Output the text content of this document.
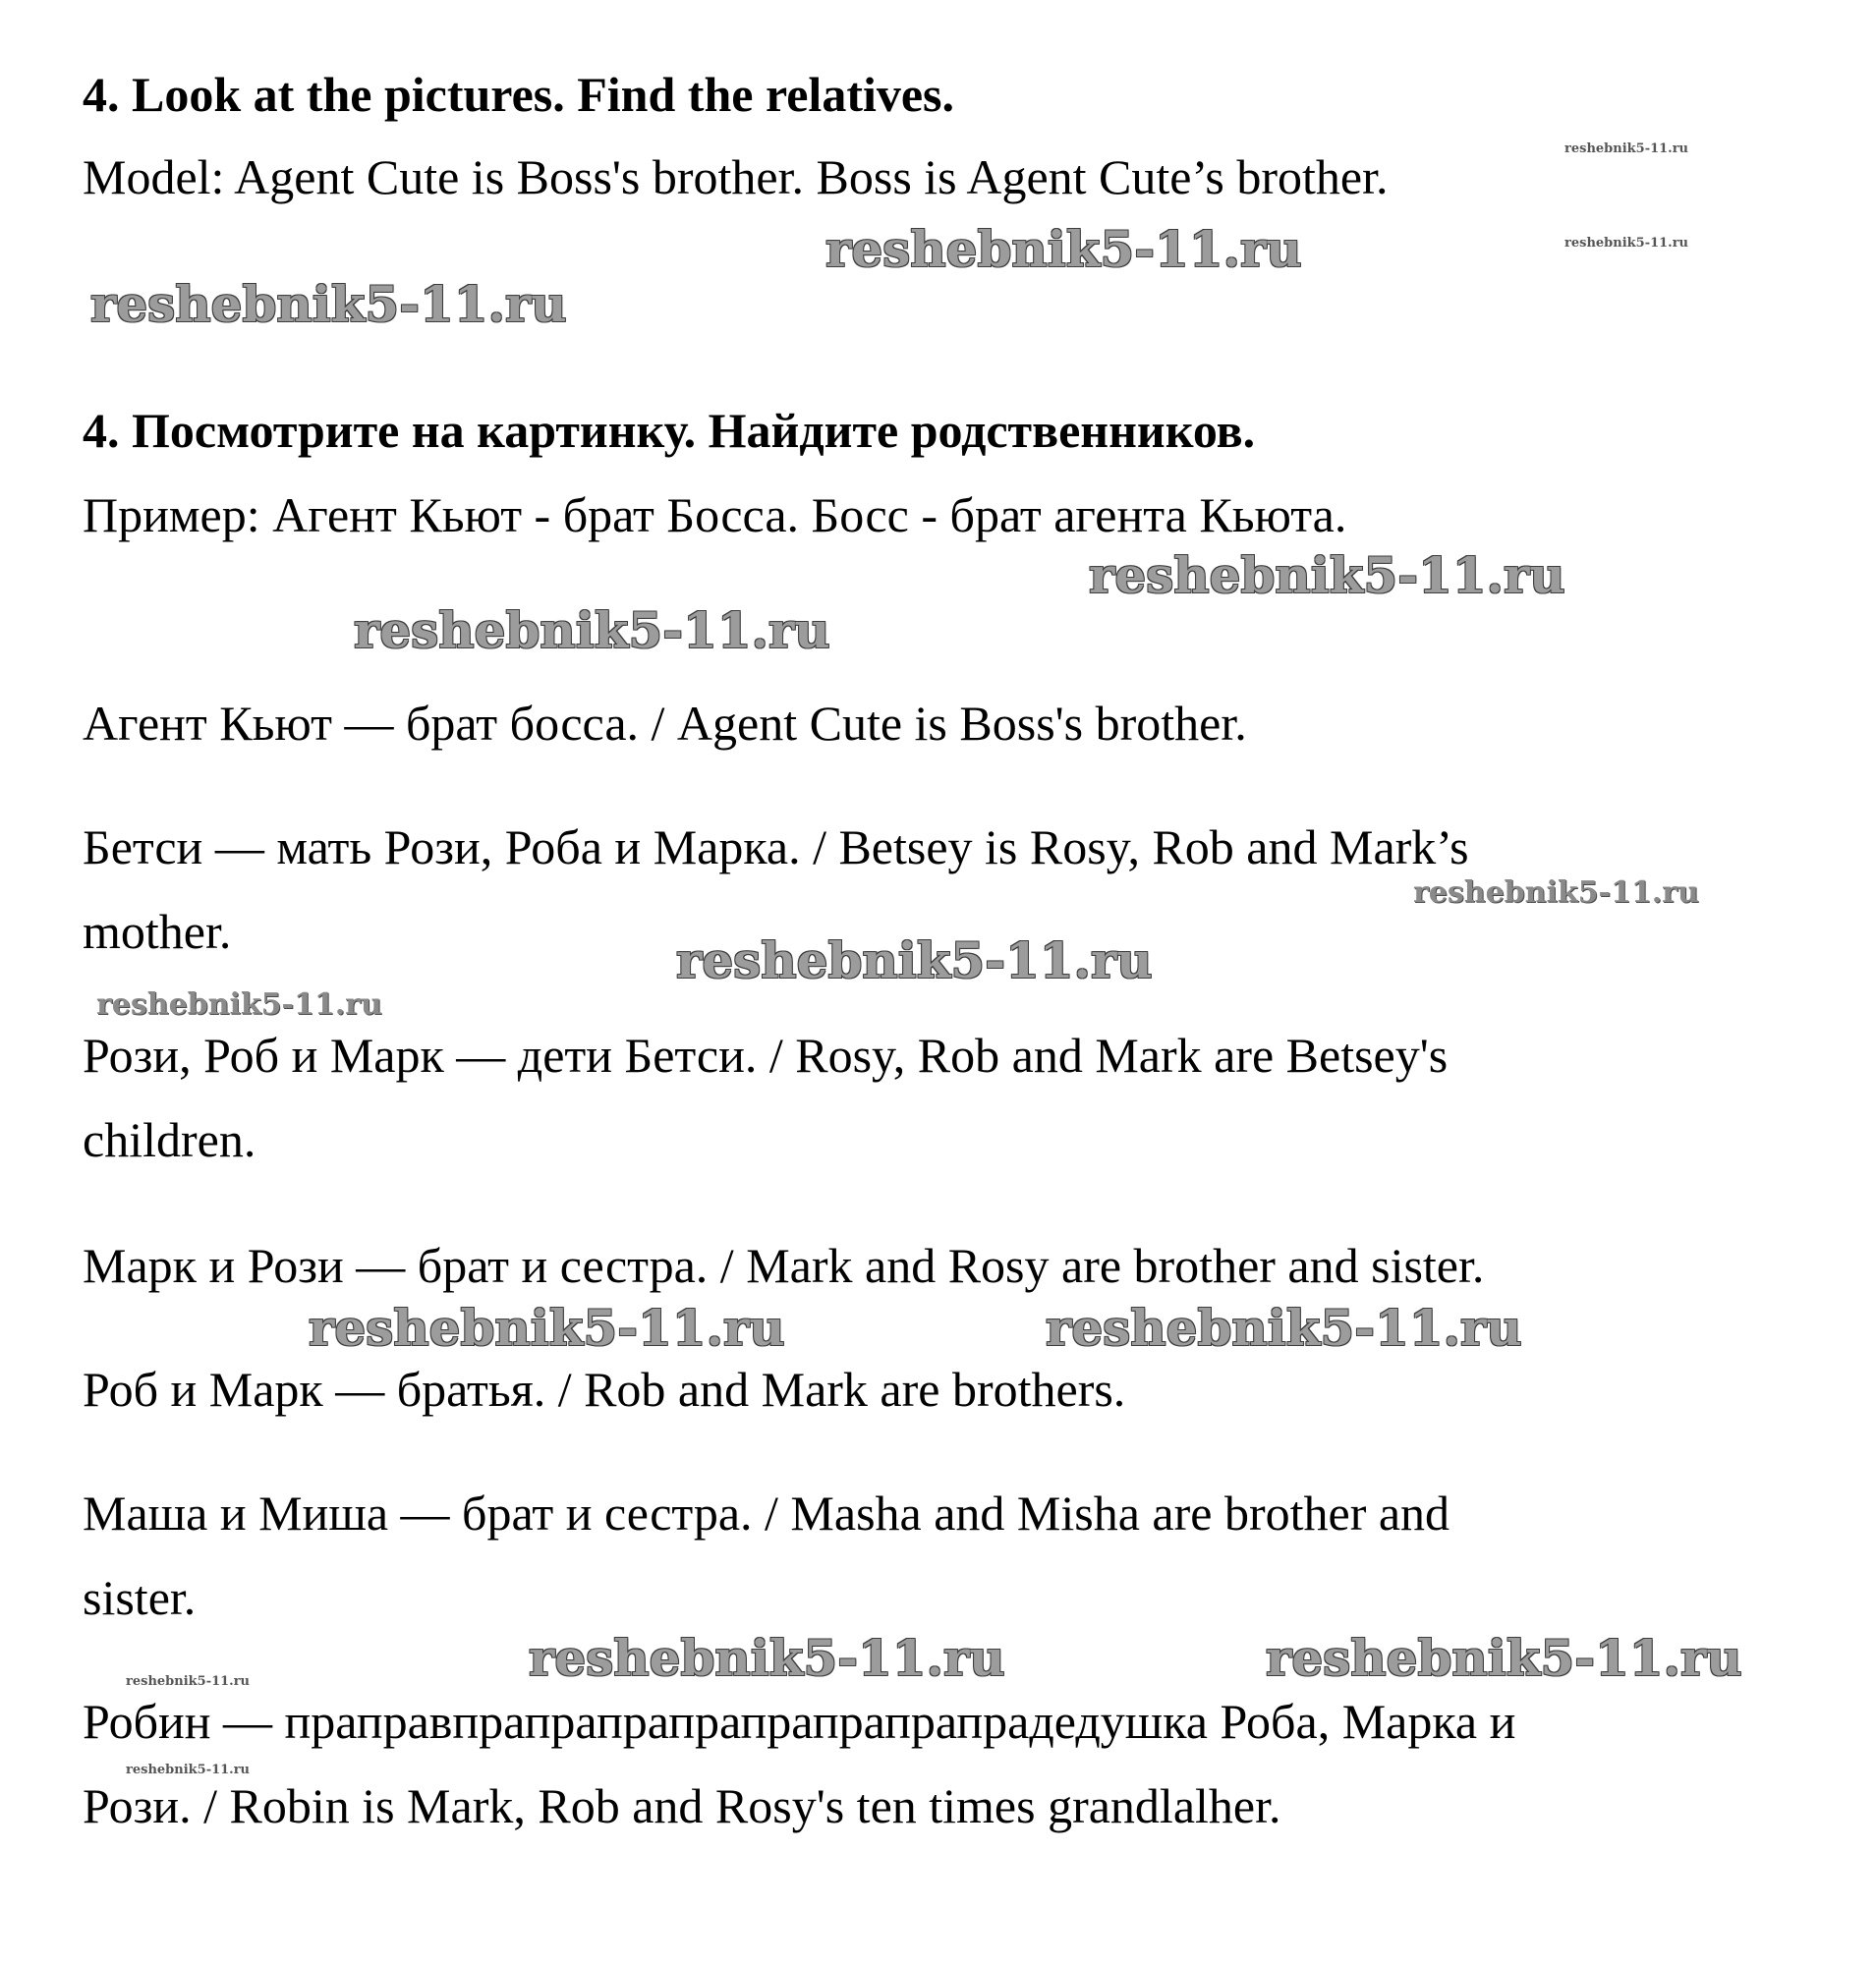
4. Look at the pictures. Find the relatives.

Model: Agent Cute is Boss's brother. Boss is Agent Cute’s brother.

4. Посмотрите на картинку. Найдите родственников.

Пример: Агент Кьют - брат Босса. Босс - брат агента Кьюта.

Агент Кьют — брат босса. / Agent Cute is Boss's brother.

Бетси — мать Рози, Роба и Марка. / Betsey is Rosy, Rob and Mark’s

mother.

Рози, Роб и Марк — дети Бетси. / Rosy, Rob and Mark are Betsey's

children.

Марк и Рози — брат и сестра. / Mark and Rosy are brother and sister.

Роб и Марк — братья. / Rob and Mark are brothers.

Маша и Миша — брат и сестра. / Masha and Misha are brother and

sister.

Робин — праправпрапрапрапрапрапрапрапрадедушка Роба, Марка и

Рози. / Robin is Mark, Rob and Rosy's ten times grandlalher.

reshebnik5-11.ru
reshebnik5-11.ru	reshebnik5-11.ru
reshebnik5-11.ru
reshebnik5-11.ru
reshebnik5-11.ru
reshebnik5-11.ru
reshebnik5-11.ru
reshebnik5-11.ru
reshebnik5-11.ru	reshebnik5-11.ru
reshebnik5-11.ru	reshebnik5-11.ru
reshebnik5-11.ru
reshebnik5-11.ru
